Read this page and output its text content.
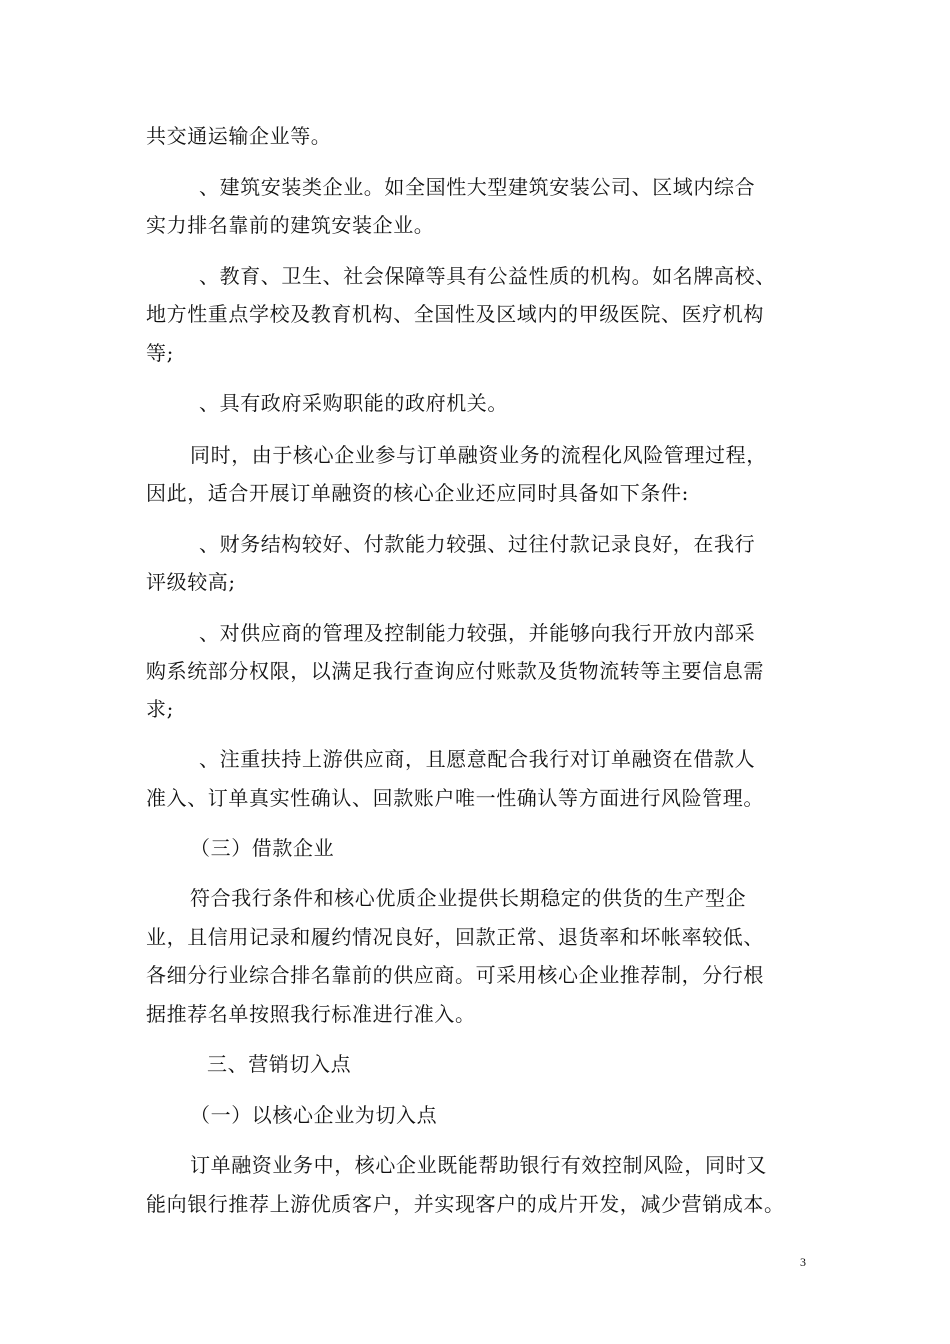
共交通运输企业等。
、建筑安装类企业。如全国性大型建筑安装公司、区域内综合
实力排名靠前的建筑安装企业。
、教育、卫生、社会保障等具有公益性质的机构。如名牌高校、
地方性重点学校及教育机构、全国性及区域内的甲级医院、医疗机构
等;
、具有政府采购职能的政府机关。
同时，由于核心企业参与订单融资业务的流程化风险管理过程，
因此，适合开展订单融资的核心企业还应同时具备如下条件:
、财务结构较好、付款能力较强、过往付款记录良好，在我行
评级较高;
、对供应商的管理及控制能力较强，并能够向我行开放内部采
购系统部分权限，以满足我行查询应付账款及货物流转等主要信息需
求;
、注重扶持上游供应商，且愿意配合我行对订单融资在借款人
准入、订单真实性确认、回款账户唯一性确认等方面进行风险管理。
（三）借款企业
符合我行条件和核心优质企业提供长期稳定的供货的生产型企
业，且信用记录和履约情况良好，回款正常、退货率和坏帐率较低、
各细分行业综合排名靠前的供应商。可采用核心企业推荐制，分行根
据推荐名单按照我行标准进行准入。
三、营销切入点
（一）以核心企业为切入点
订单融资业务中，核心企业既能帮助银行有效控制风险，同时又
能向银行推荐上游优质客户，并实现客户的成片开发，减少营销成本。
3
